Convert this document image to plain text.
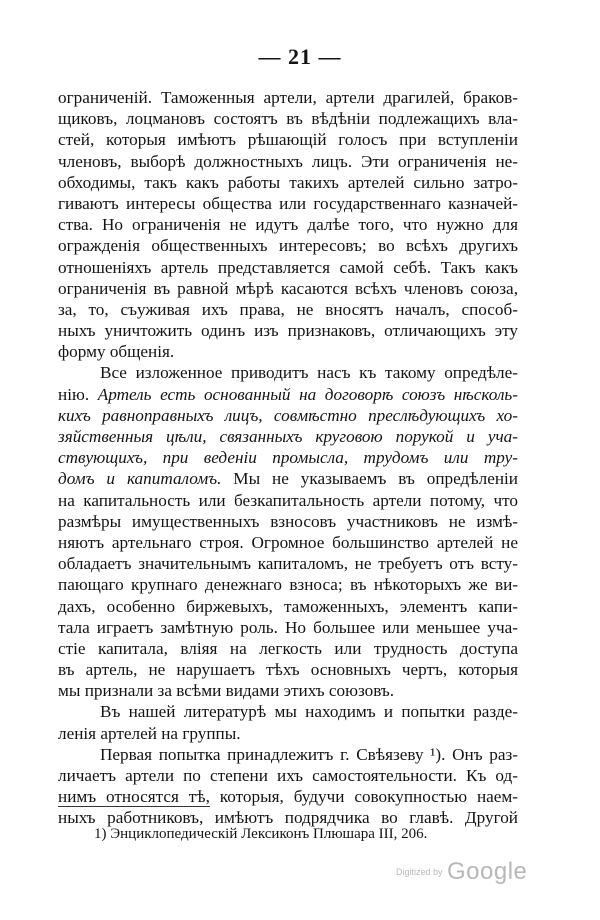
— 21 —
ограниченій. Таможенныя артели, артели драгилей, браков-
щиковъ, лоцмановъ состоятъ въ вѣдѣніи подлежащихъ вла-
стей, которыя имѣютъ рѣшающій голосъ при вступленіи
членовъ, выборѣ должностныхъ лицъ. Эти ограниченія не-
обходимы, такъ какъ работы такихъ артелей сильно затро-
гиваютъ интересы общества или государственнаго казначей-
ства. Но ограниченія не идутъ далѣе того, что нужно для
огражденія общественныхъ интересовъ; во всѣхъ другихъ
отношеніяхъ артель представляется самой себѣ. Такъ какъ
ограниченія въ равной мѣрѣ касаются всѣхъ членовъ союза,
за, то, съуживая ихъ права, не вносятъ началъ, способ-
ныхъ уничтожить одинъ изъ признаковъ, отличающихъ эту
форму общенія.
Все изложенное приводитъ насъ къ такому опредѣле-
нію. Артель есть основанный на договорѣ союзъ нѣсколь-
кихъ равноправныхъ лицъ, совмѣстно преслѣдующихъ хо-
зяйственныя цѣли, связанныхъ круговою порукой и уча-
ствующихъ, при веденіи промысла, трудомъ или тру-
домъ и капиталомъ. Мы не указываемъ въ опредѣленіи
на капитальность или безкапитальность артели потому, что
размѣры имущественныхъ взносовъ участниковъ не измѣ-
няютъ артельнаго строя. Огромное большинство артелей не
обладаетъ значительнымъ капиталомъ, не требуетъ отъ всту-
пающаго крупнаго денежнаго взноса; въ нѣкоторыхъ же ви-
дахъ, особенно биржевыхъ, таможенныхъ, элементъ капи-
тала играетъ замѣтную роль. Но большее или меньшее уча-
стіе капитала, вліяя на легкость или трудность доступа
въ артель, не нарушаетъ тѣхъ основныхъ чертъ, которыя
мы признали за всѣми видами этихъ союзовъ.
Въ нашей литературѣ мы находимъ и попытки разде-
ленія артелей на группы.
Первая попытка принадлежитъ г. Свѣязеву ¹). Онъ раз-
личаетъ артели по степени ихъ самостоятельности. Къ од-
нимъ относятся тѣ, которыя, будучи совокупностью наем-
ныхъ работниковъ, имѣютъ подрядчика во главѣ. Другой
1) Энциклопедическій Лексиконъ Плюшара III, 206.
Digitized by Google
